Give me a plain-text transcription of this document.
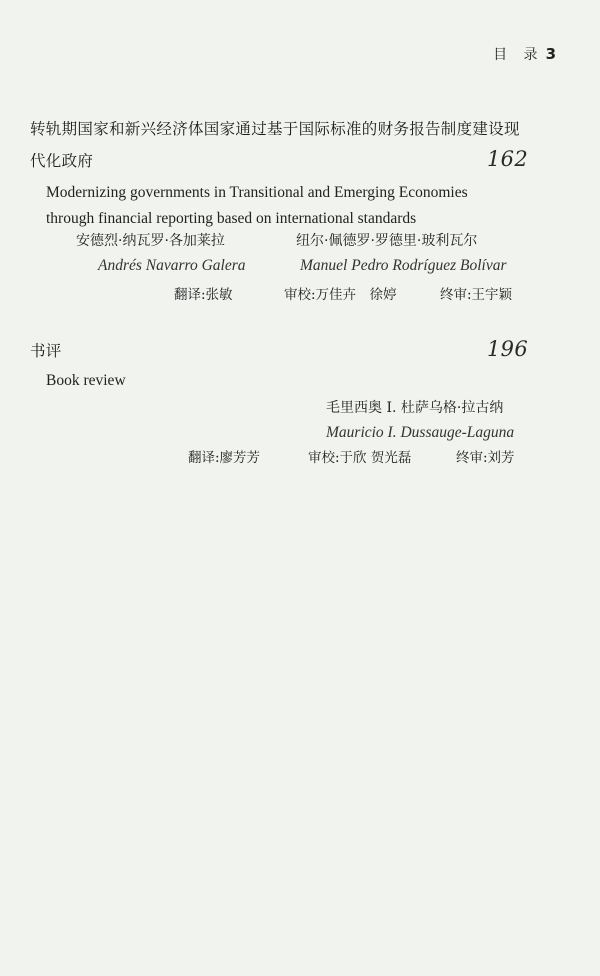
目 录 3
转轨期国家和新兴经济体国家通过基于国际标准的财务报告制度建设现
代化政府	162
Modernizing governments in Transitional and Emerging Economies
through financial reporting based on international standards
安德烈·纳瓦罗·各加莱拉	纽尔·佩德罗·罗德里·玻利瓦尔
Andrés Navarro Galera	Manuel Pedro Rodríguez Bolívar
翻译:张敏	审校:万佳卉　徐婷	终审:王宇颖
书评	196
Book review
毛里西奥 I. 杜萨乌格·拉古纳
Mauricio I. Dussauge-Laguna
翻译:廖芳芳	审校:于欣 贺光磊	终审:刘芳
